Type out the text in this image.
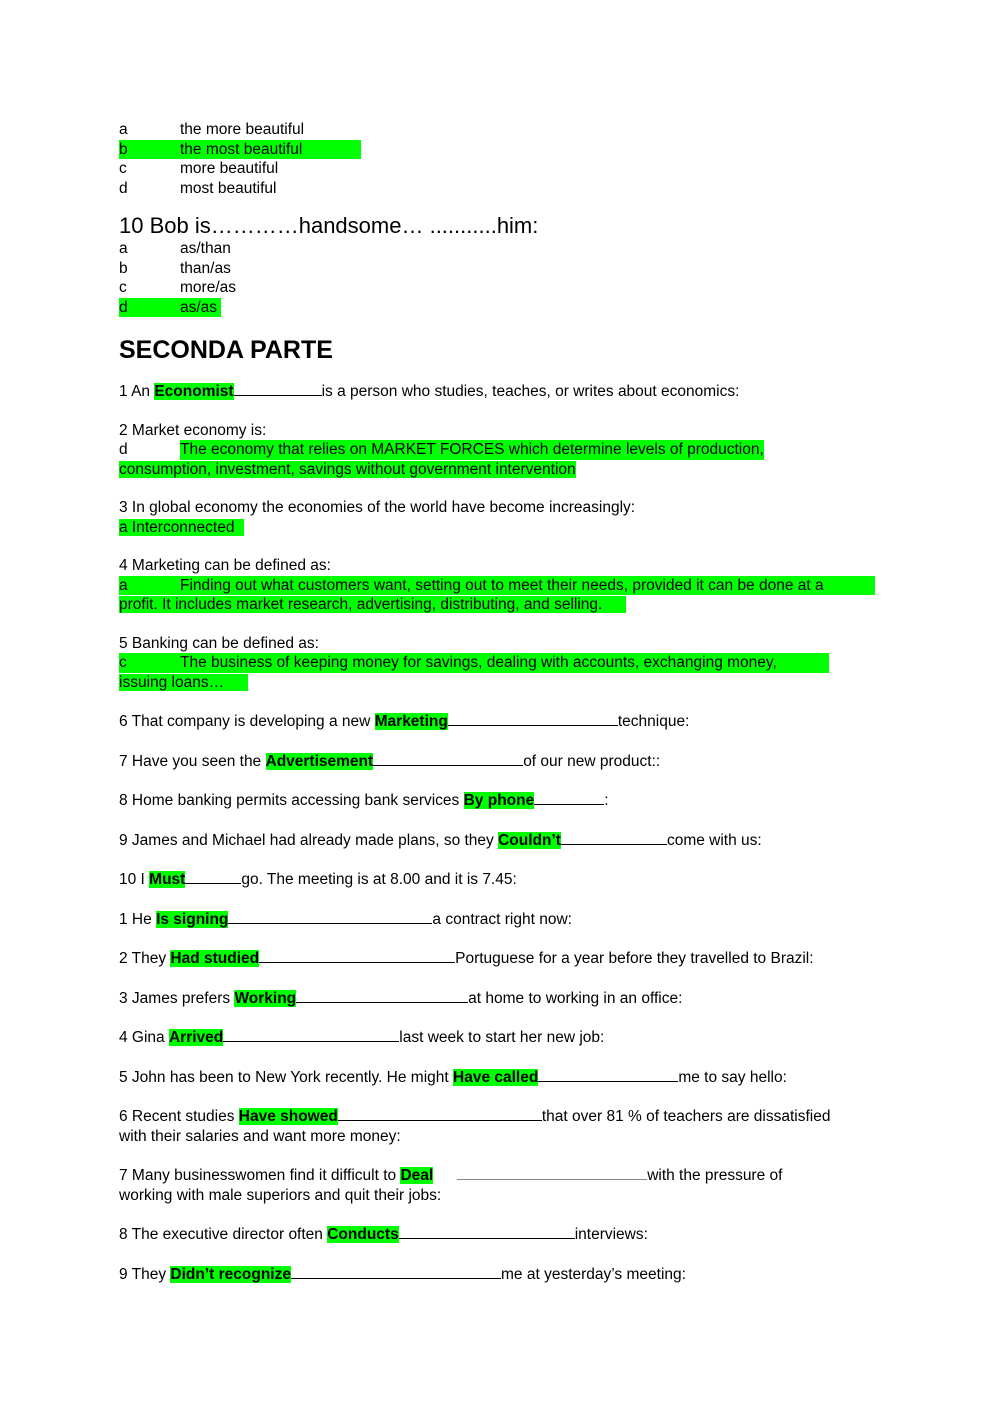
a	the more beautiful
b	the most beautiful
c	more beautiful
d	most beautiful
10 Bob is…………handsome… ...........him:
a	as/than
b	than/as
c	more/as
d	as/as
SECONDA PARTE
1 An Economist	is a person who studies, teaches, or writes about economics:
2 Market economy is:
d	The economy that relies on MARKET FORCES which determine levels of production,
consumption, investment, savings without government intervention
3 In global economy the economies of the world have become increasingly:
a Interconnected
4 Marketing can be defined as:
a	Finding out what customers want, setting out to meet their needs, provided it can be done at a
profit. It includes market research, advertising, distributing, and selling.
5 Banking can be defined as:
c	The business of keeping money for savings, dealing with accounts, exchanging money,
issuing loans…
6 That company is developing a new Marketing	technique:
7 Have you seen the Advertisement	of our new product::
8 Home banking permits accessing bank services By phone	:
9 James and Michael had already made plans, so they Couldn’t	come with us:
10 I Must	go. The meeting is at 8.00 and it is 7.45:
1 He Is signing	a contract right now:
2 They Had studied	Portuguese for a year before they travelled to Brazil:
3 James prefers Working	at home to working in an office:
4 Gina Arrived	last week to start her new job:
5 John has been to New York recently. He might Have called	me to say hello:
6 Recent studies Have showed	that over 81 % of teachers are dissatisfied
with their salaries and want more money:
7 Many businesswomen find it difficult to Deal	with the pressure of
working with male superiors and quit their jobs:
8 The executive director often Conducts	interviews:
9 They Didn’t recognize	me at yesterday’s meeting:
